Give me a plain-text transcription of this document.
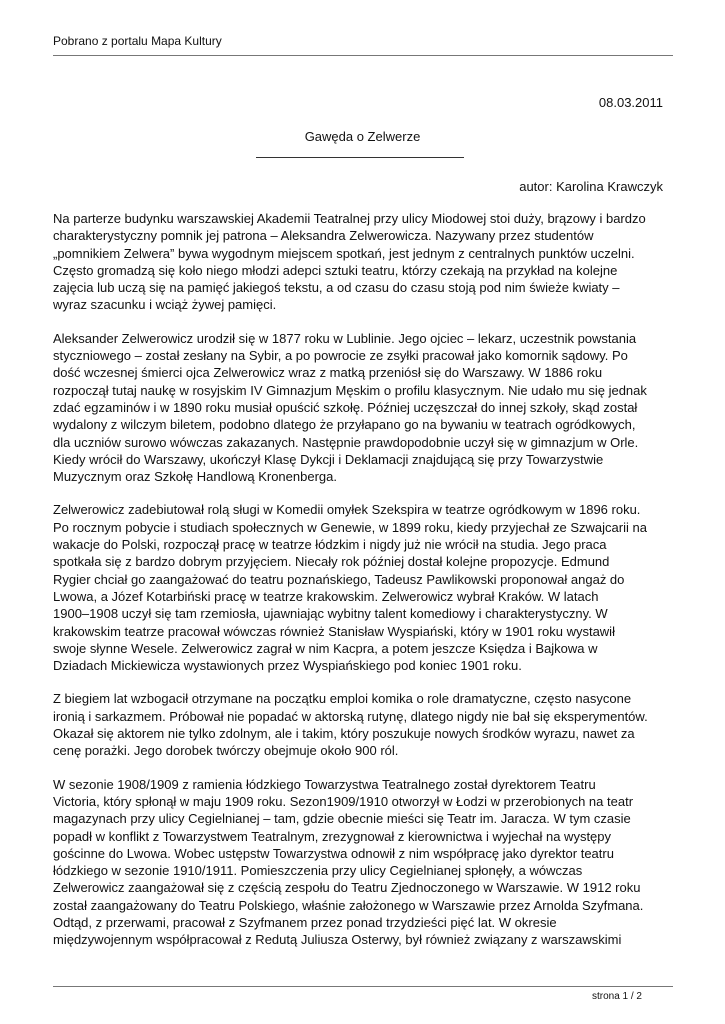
Pobrano z portalu Mapa Kultury
08.03.2011
Gawęda o Zelwerze
autor: Karolina Krawczyk

Na parterze budynku warszawskiej Akademii Teatralnej przy ulicy Miodowej stoi duży, brązowy i bardzo
charakterystyczny pomnik jej patrona – Aleksandra Zelwerowicza. Nazywany przez studentów
„pomnikiem Zelwera” bywa wygodnym miejscem spotkań, jest jednym z centralnych punktów uczelni.
Często gromadzą się koło niego młodzi adepci sztuki teatru, którzy czekają na przykład na kolejne
zajęcia lub uczą się na pamięć jakiegoś tekstu, a od czasu do czasu stoją pod nim świeże kwiaty –
wyraz szacunku i wciąż żywej pamięci.

Aleksander Zelwerowicz urodził się w 1877 roku w Lublinie. Jego ojciec – lekarz, uczestnik powstania
styczniowego – został zesłany na Sybir, a po powrocie ze zsyłki pracował jako komornik sądowy. Po
dość wczesnej śmierci ojca Zelwerowicz wraz z matką przeniósł się do Warszawy. W 1886 roku
rozpoczął tutaj naukę w rosyjskim IV Gimnazjum Męskim o profilu klasycznym. Nie udało mu się jednak
zdać egzaminów i w 1890 roku musiał opuścić szkołę. Później uczęszczał do innej szkoły, skąd został
wydalony z wilczym biletem, podobno dlatego że przyłapano go na bywaniu w teatrach ogródkowych,
dla uczniów surowo wówczas zakazanych. Następnie prawdopodobnie uczył się w gimnazjum w Orle.
Kiedy wrócił do Warszawy, ukończył Klasę Dykcji i Deklamacji znajdującą się przy Towarzystwie
Muzycznym oraz Szkołę Handlową Kronenberga.

Zelwerowicz zadebiutował rolą sługi w Komedii omyłek Szekspira w teatrze ogródkowym w 1896 roku.
Po rocznym pobycie i studiach społecznych w Genewie, w 1899 roku, kiedy przyjechał ze Szwajcarii na
wakacje do Polski, rozpoczął pracę w teatrze łódzkim i nigdy już nie wrócił na studia. Jego praca
spotkała się z bardzo dobrym przyjęciem. Niecały rok później dostał kolejne propozycje. Edmund
Rygier chciał go zaangażować do teatru poznańskiego, Tadeusz Pawlikowski proponował angaż do
Lwowa, a Józef Kotarbiński pracę w teatrze krakowskim. Zelwerowicz wybrał Kraków. W latach
1900–1908 uczył się tam rzemiosła, ujawniając wybitny talent komediowy i charakterystyczny. W
krakowskim teatrze pracował wówczas również Stanisław Wyspiański, który w 1901 roku wystawił
swoje słynne Wesele. Zelwerowicz zagrał w nim Kacpra, a potem jeszcze Księdza i Bajkowa w
Dziadach Mickiewicza wystawionych przez Wyspiańskiego pod koniec 1901 roku.

Z biegiem lat wzbogacił otrzymane na początku emploi komika o role dramatyczne, często nasycone
ironią i sarkazmem. Próbował nie popadać w aktorską rutynę, dlatego nigdy nie bał się eksperymentów.
Okazał się aktorem nie tylko zdolnym, ale i takim, który poszukuje nowych środków wyrazu, nawet za
cenę porażki. Jego dorobek twórczy obejmuje około 900 ról.

W sezonie 1908/1909 z ramienia łódzkiego Towarzystwa Teatralnego został dyrektorem Teatru
Victoria, który spłonął w maju 1909 roku. Sezon1909/1910 otworzył w Łodzi w przerobionych na teatr
magazynach przy ulicy Cegielnianej – tam, gdzie obecnie mieści się Teatr im. Jaracza. W tym czasie
popadł w konflikt z Towarzystwem Teatralnym, zrezygnował z kierownictwa i wyjechał na występy
gościnne do Lwowa. Wobec ustępstw Towarzystwa odnowił z nim współpracę jako dyrektor teatru
łódzkiego w sezonie 1910/1911. Pomieszczenia przy ulicy Cegielnianej spłonęły, a wówczas
Zelwerowicz zaangażował się z częścią zespołu do Teatru Zjednoczonego w Warszawie. W 1912 roku
został zaangażowany do Teatru Polskiego, właśnie założonego w Warszawie przez Arnolda Szyfmana.
Odtąd, z przerwami, pracował z Szyfmanem przez ponad trzydzieści pięć lat. W okresie
międzywojennym współpracował z Redutą Juliusza Osterwy, był również związany z warszawskimi

strona 1 / 2
